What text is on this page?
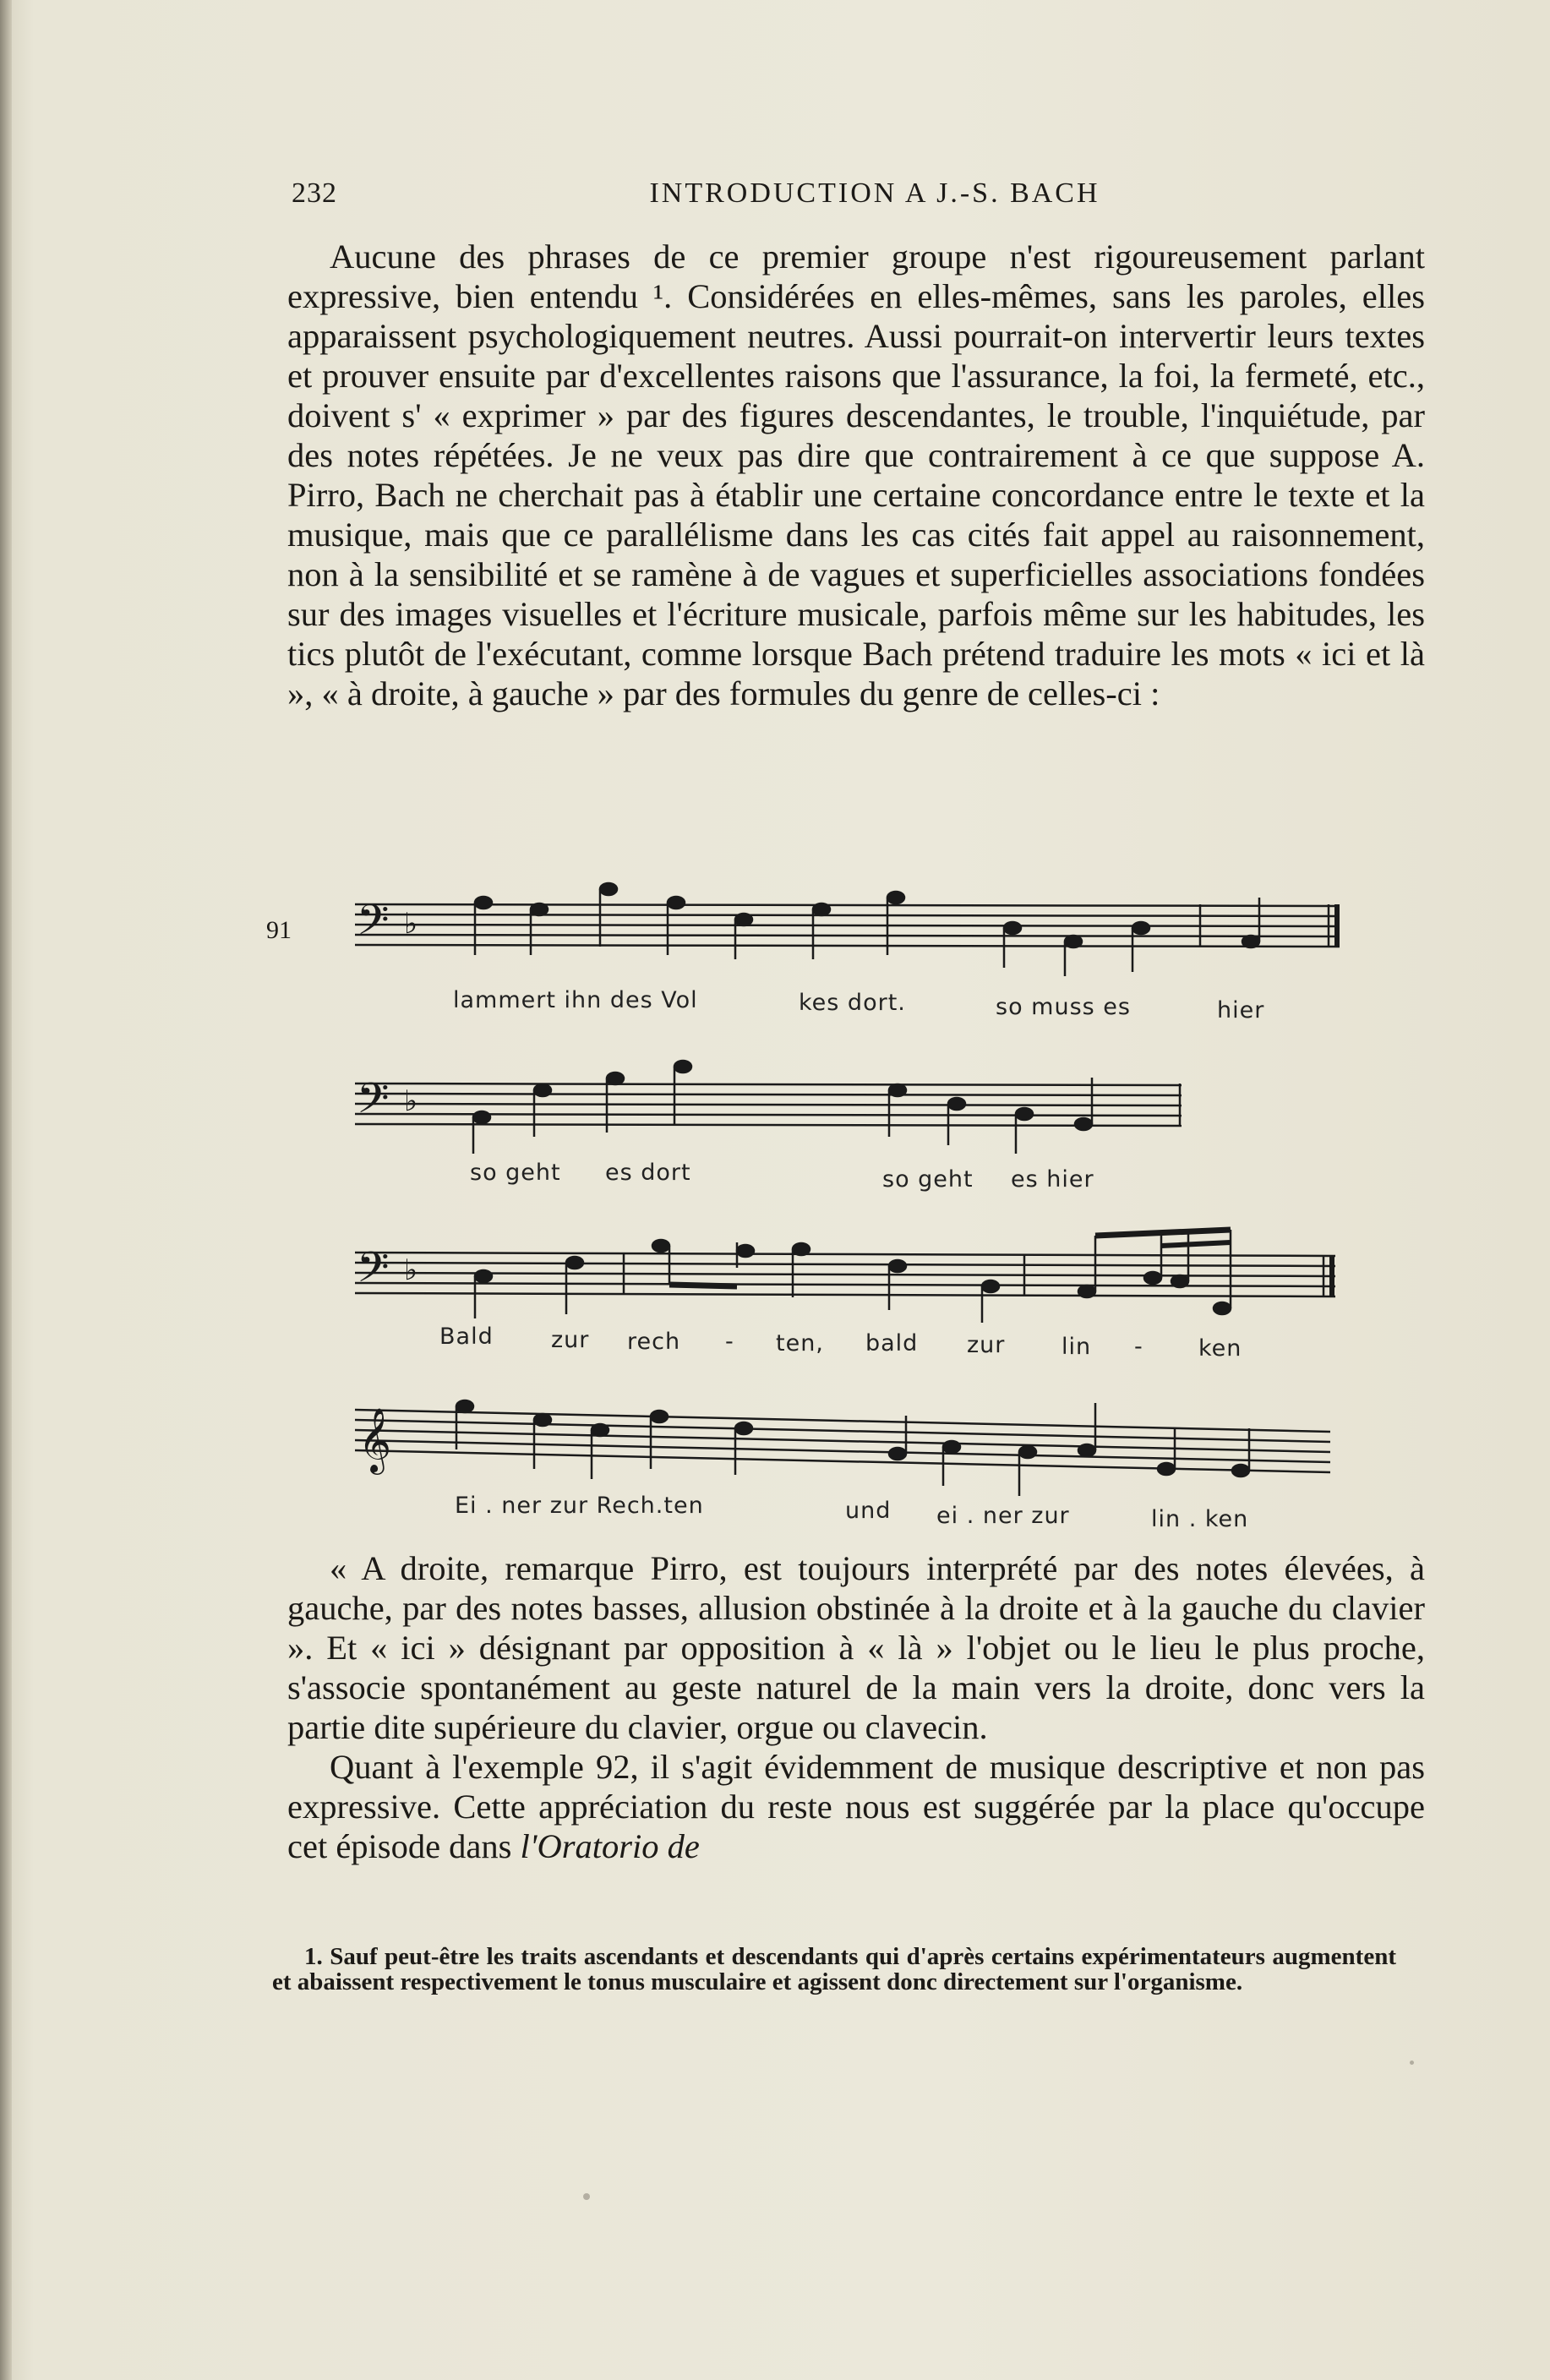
232	INTRODUCTION A J.-S. BACH

Aucune des phrases de ce premier groupe n'est rigoureusement parlant expressive, bien entendu ¹. Considérées en elles-mêmes, sans les paroles, elles apparaissent psychologiquement neutres. Aussi pourrait-on intervertir leurs textes et prouver ensuite par d'excellentes raisons que l'assurance, la foi, la fermeté, etc., doivent s' « exprimer » par des figures descendantes, le trouble, l'inquiétude, par des notes répétées. Je ne veux pas dire que contrairement à ce que suppose A. Pirro, Bach ne cherchait pas à établir une certaine concordance entre le texte et la musique, mais que ce parallélisme dans les cas cités fait appel au raisonnement, non à la sensibilité et se ramène à de vagues et superficielles associations fondées sur des images visuelles et l'écriture musicale, parfois même sur les habitudes, les tics plutôt de l'exécutant, comme lorsque Bach prétend traduire les mots « ici et là », « à droite, à gauche » par des formules du genre de celles-ci :

91 𝄢 ♭
lammert ihn des Vol	kes dort.	so muss es	hier
𝄢 ♭
so geht es dort	so geht es hier
𝄢 ♭
Bald	zur rech - ten, bald zur lin - ken
𝄞
Ei . ner zur Rech.ten	und ei . ner zur	lin . ken

« A droite, remarque Pirro, est toujours interprété par des notes élevées, à gauche, par des notes basses, allusion obstinée à la droite et à la gauche du clavier ». Et « ici » désignant par opposition à « là » l'objet ou le lieu le plus proche, s'associe spontanément au geste naturel de la main vers la droite, donc vers la partie dite supérieure du clavier, orgue ou clavecin.

Quant à l'exemple 92, il s'agit évidemment de musique descriptive et non pas expressive. Cette appréciation du reste nous est suggérée par la place qu'occupe cet épisode dans l'Oratorio de

1. Sauf peut-être les traits ascendants et descendants qui d'après certains expérimentateurs augmentent et abaissent respectivement le tonus musculaire et agissent donc directement sur l'organisme.
